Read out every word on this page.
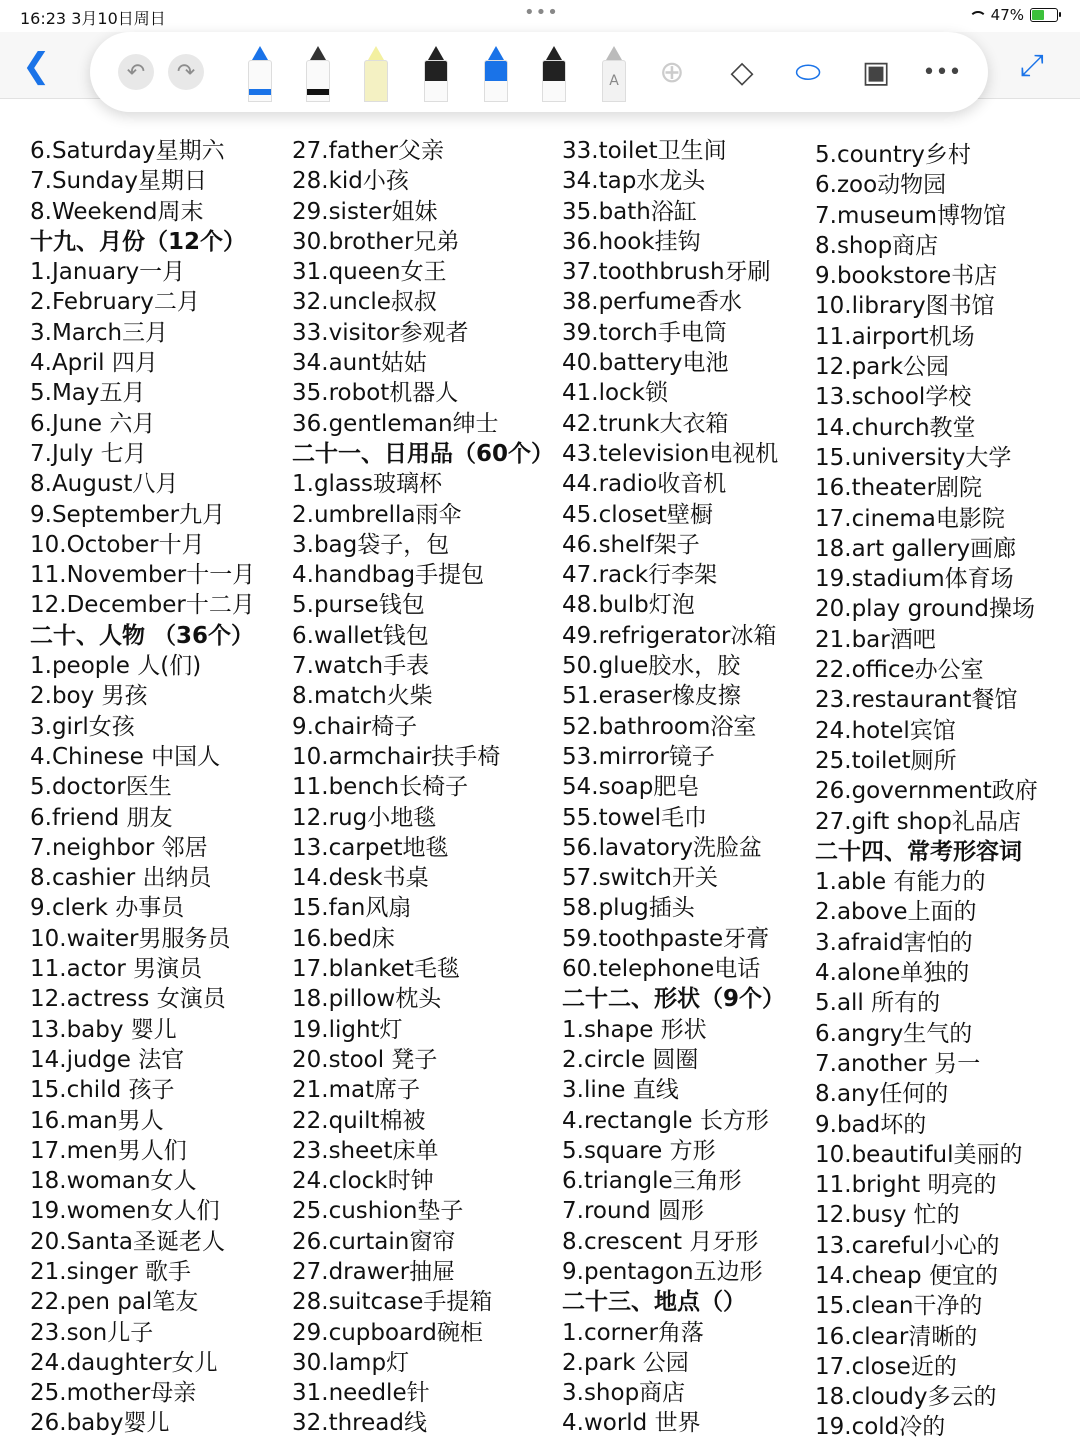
16:23 3月10日周日	•••	47%
❮	⤢
↶	↷	A	⊕	◇	⬭	▣	•••
6.Saturday星期六
7.Sunday星期日
8.Weekend周末
十九、月份（12个）
1.January一月
2.February二月
3.March三月
4.April 四月
5.May五月
6.June 六月
7.July 七月
8.August八月
9.September九月
10.October十月
11.November十一月
12.December十二月
二十、人物 （36个）
1.people 人(们)
2.boy 男孩
3.girl女孩
4.Chinese 中国人
5.doctor医生
6.friend 朋友
7.neighbor 邻居
8.cashier 出纳员
9.clerk 办事员
10.waiter男服务员
11.actor 男演员
12.actress 女演员
13.baby 婴儿
14.judge 法官
15.child 孩子
16.man男人
17.men男人们
18.woman女人
19.women女人们
20.Santa圣诞老人
21.singer 歌手
22.pen pal笔友
23.son儿子
24.daughter女儿
25.mother母亲
26.baby婴儿
27.father父亲
28.kid小孩
29.sister姐妹
30.brother兄弟
31.queen女王
32.uncle叔叔
33.visitor参观者
34.aunt姑姑
35.robot机器人
36.gentleman绅士
二十一、日用品（60个）
1.glass玻璃杯
2.umbrella雨伞
3.bag袋子，包
4.handbag手提包
5.purse钱包
6.wallet钱包
7.watch手表
8.match火柴
9.chair椅子
10.armchair扶手椅
11.bench长椅子
12.rug小地毯
13.carpet地毯
14.desk书桌
15.fan风扇
16.bed床
17.blanket毛毯
18.pillow枕头
19.light灯
20.stool 凳子
21.mat席子
22.quilt棉被
23.sheet床单
24.clock时钟
25.cushion垫子
26.curtain窗帘
27.drawer抽屉
28.suitcase手提箱
29.cupboard碗柜
30.lamp灯
31.needle针
32.thread线
33.toilet卫生间
34.tap水龙头
35.bath浴缸
36.hook挂钩
37.toothbrush牙刷
38.perfume香水
39.torch手电筒
40.battery电池
41.lock锁
42.trunk大衣箱
43.television电视机
44.radio收音机
45.closet壁橱
46.shelf架子
47.rack行李架
48.bulb灯泡
49.refrigerator冰箱
50.glue胶水，胶
51.eraser橡皮擦
52.bathroom浴室
53.mirror镜子
54.soap肥皂
55.towel毛巾
56.lavatory洗脸盆
57.switch开关
58.plug插头
59.toothpaste牙膏
60.telephone电话
二十二、形状（9个）
1.shape 形状
2.circle 圆圈
3.line 直线
4.rectangle 长方形
5.square 方形
6.triangle三角形
7.round 圆形
8.crescent 月牙形
9.pentagon五边形
二十三、地点（）
1.corner角落
2.park 公园
3.shop商店
4.world 世界
5.country乡村
6.zoo动物园
7.museum博物馆
8.shop商店
9.bookstore书店
10.library图书馆
11.airport机场
12.park公园
13.school学校
14.church教堂
15.university大学
16.theater剧院
17.cinema电影院
18.art gallery画廊
19.stadium体育场
20.play ground操场
21.bar酒吧
22.office办公室
23.restaurant餐馆
24.hotel宾馆
25.toilet厕所
26.government政府
27.gift shop礼品店
二十四、常考形容词
1.able 有能力的
2.above上面的
3.afraid害怕的
4.alone单独的
5.all 所有的
6.angry生气的
7.another 另一
8.any任何的
9.bad坏的
10.beautiful美丽的
11.bright 明亮的
12.busy 忙的
13.careful小心的
14.cheap 便宜的
15.clean干净的
16.clear清晰的
17.close近的
18.cloudy多云的
19.cold冷的
